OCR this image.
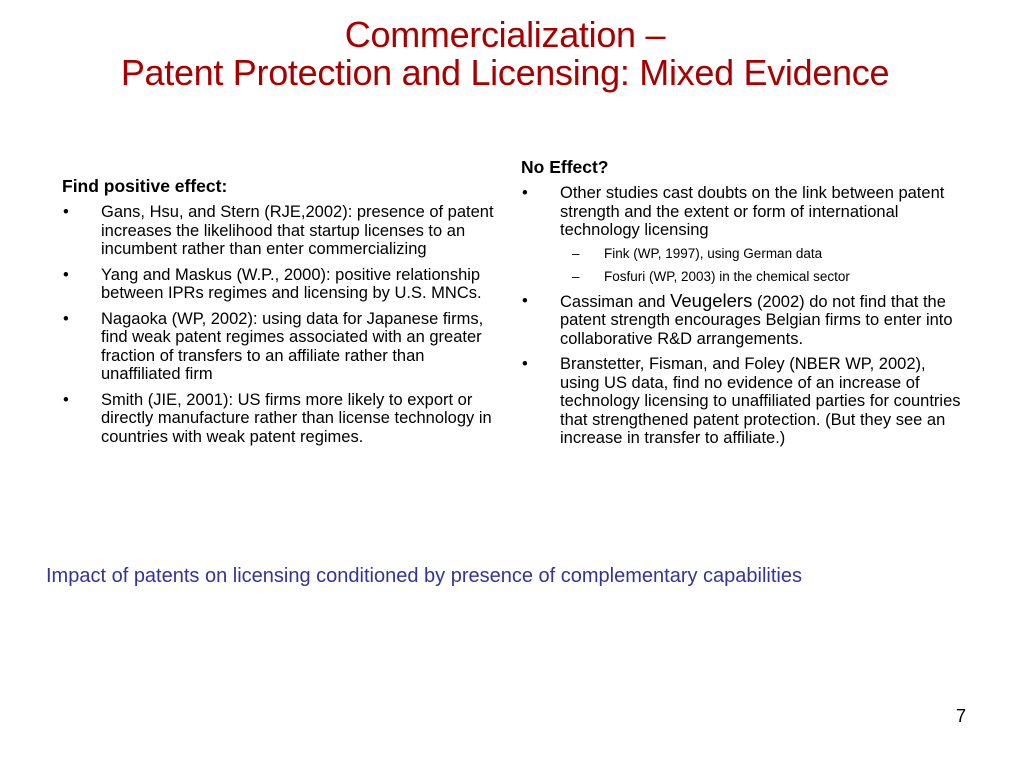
Commercialization –
Patent Protection and Licensing: Mixed Evidence
Find positive effect:
• Gans, Hsu, and Stern (RJE,2002): presence of patent increases the likelihood that startup licenses to an incumbent rather than enter commercializing
• Yang and Maskus (W.P., 2000): positive relationship between IPRs regimes and licensing by U.S. MNCs.
• Nagaoka (WP, 2002): using data for Japanese firms, find weak patent regimes associated with an greater fraction of transfers to an affiliate rather than unaffiliated firm
• Smith (JIE, 2001): US firms more likely to export or directly manufacture rather than license technology in countries with weak patent regimes.
No Effect?
• Other studies cast doubts on the link between patent strength and the extent or form of international technology licensing
– Fink (WP, 1997), using German data
– Fosfuri (WP, 2003) in the chemical sector
• Cassiman and Veugelers (2002) do not find that the patent strength encourages Belgian firms to enter into collaborative R&D arrangements.
• Branstetter, Fisman, and Foley (NBER WP, 2002), using US data, find no evidence of an increase of technology licensing to unaffiliated parties for countries that strengthened patent protection. (But they see an increase in transfer to affiliate.)
Impact of patents on licensing conditioned by presence of complementary capabilities
7
